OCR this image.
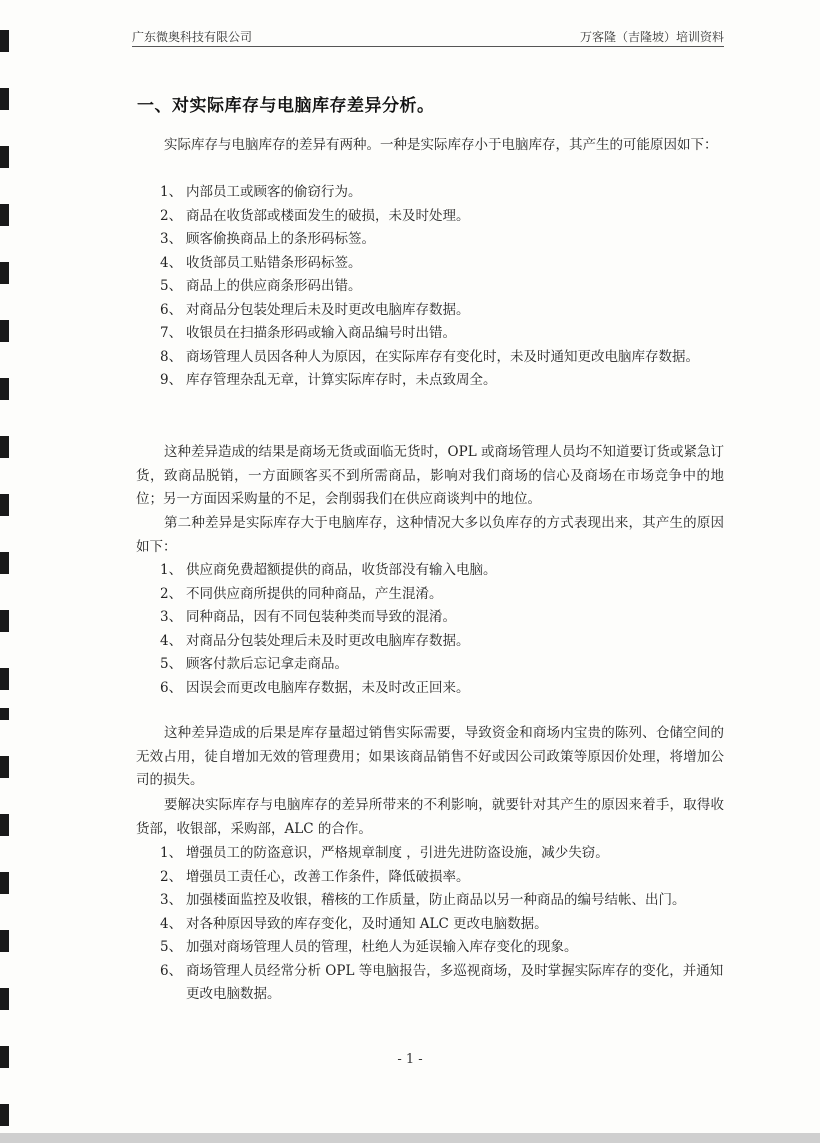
广东微奥科技有限公司	万客隆（吉隆坡）培训资料
一、对实际库存与电脑库存差异分析。

实际库存与电脑库存的差异有两种。一种是实际库存小于电脑库存，其产生的可能原因如下：

1、 内部员工或顾客的偷窃行为。
2、 商品在收货部或楼面发生的破损，未及时处理。
3、 顾客偷换商品上的条形码标签。
4、 收货部员工贴错条形码标签。
5、 商品上的供应商条形码出错。
6、 对商品分包装处理后未及时更改电脑库存数据。
7、 收银员在扫描条形码或输入商品编号时出错。
8、 商场管理人员因各种人为原因，在实际库存有变化时，未及时通知更改电脑库存数据。
9、 库存管理杂乱无章，计算实际库存时，未点致周全。

这种差异造成的结果是商场无货或面临无货时，OPL 或商场管理人员均不知道要订货或紧急订货，致商品脱销，一方面顾客买不到所需商品，影响对我们商场的信心及商场在市场竞争中的地位；另一方面因采购量的不足，会削弱我们在供应商谈判中的地位。

第二种差异是实际库存大于电脑库存，这种情况大多以负库存的方式表现出来，其产生的原因如下：

1、 供应商免费超额提供的商品，收货部没有输入电脑。
2、 不同供应商所提供的同种商品，产生混淆。
3、 同种商品，因有不同包装种类而导致的混淆。
4、 对商品分包装处理后未及时更改电脑库存数据。
5、 顾客付款后忘记拿走商品。
6、 因误会而更改电脑库存数据，未及时改正回来。

这种差异造成的后果是库存量超过销售实际需要，导致资金和商场内宝贵的陈列、仓储空间的无效占用，徒自增加无效的管理费用；如果该商品销售不好或因公司政策等原因价处理，将增加公司的损失。

要解决实际库存与电脑库存的差异所带来的不利影响，就要针对其产生的原因来着手，取得收货部，收银部，采购部，ALC 的合作。

1、 增强员工的防盗意识，严格规章制度 ，引进先进防盗设施，减少失窃。
2、 增强员工责任心，改善工作条件，降低破损率。
3、 加强楼面监控及收银，稽核的工作质量，防止商品以另一种商品的编号结帐、出门。
4、 对各种原因导致的库存变化，及时通知 ALC 更改电脑数据。
5、 加强对商场管理人员的管理，杜绝人为延误输入库存变化的现象。
6、 商场管理人员经常分析 OPL 等电脑报告，多巡视商场，及时掌握实际库存的变化，并通知更改电脑数据。
- 1 -
